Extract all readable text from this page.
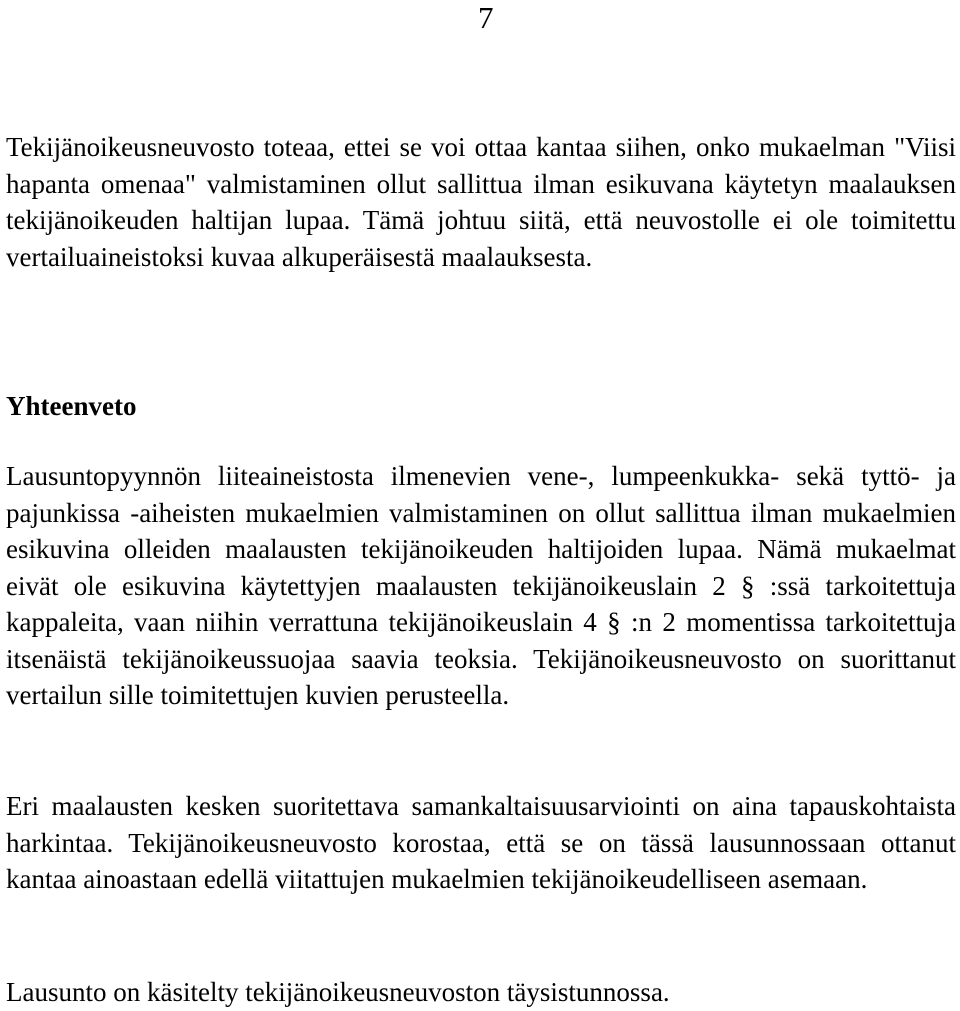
7

Tekijänoikeusneuvosto toteaa, ettei se voi ottaa kantaa siihen, onko mukaelman "Viisi hapanta omenaa" valmistaminen ollut sallittua ilman esikuvana käytetyn maalauksen tekijänoikeuden haltijan lupaa. Tämä johtuu siitä, että neuvostolle ei ole toimitettu vertailuaineistoksi kuvaa alkuperäisestä maalauksesta.

Yhteenveto

Lausuntopyynnön liiteaineistosta ilmenevien vene-, lumpeenkukka- sekä tyttö- ja pajunkissa -aiheisten mukaelmien valmistaminen on ollut sallittua ilman mukaelmien esikuvina olleiden maalausten tekijänoikeuden haltijoiden lupaa. Nämä mukaelmat eivät ole esikuvina käytettyjen maalausten tekijänoikeuslain 2 § :ssä tarkoitettuja kappaleita, vaan niihin verrattuna tekijänoikeuslain 4 § :n 2 momentissa tarkoitettuja itsenäistä tekijänoikeussuojaa saavia teoksia. Tekijänoikeusneuvosto on suorittanut vertailun sille toimitettujen kuvien perusteella.

Eri maalausten kesken suoritettava samankaltaisuusarviointi on aina tapauskohtaista harkintaa. Tekijänoikeusneuvosto korostaa, että se on tässä lausunnossaan ottanut kantaa ainoastaan edellä viitattujen mukaelmien tekijänoikeudelliseen asemaan.

Lausunto on käsitelty tekijänoikeusneuvoston täysistunnossa.
